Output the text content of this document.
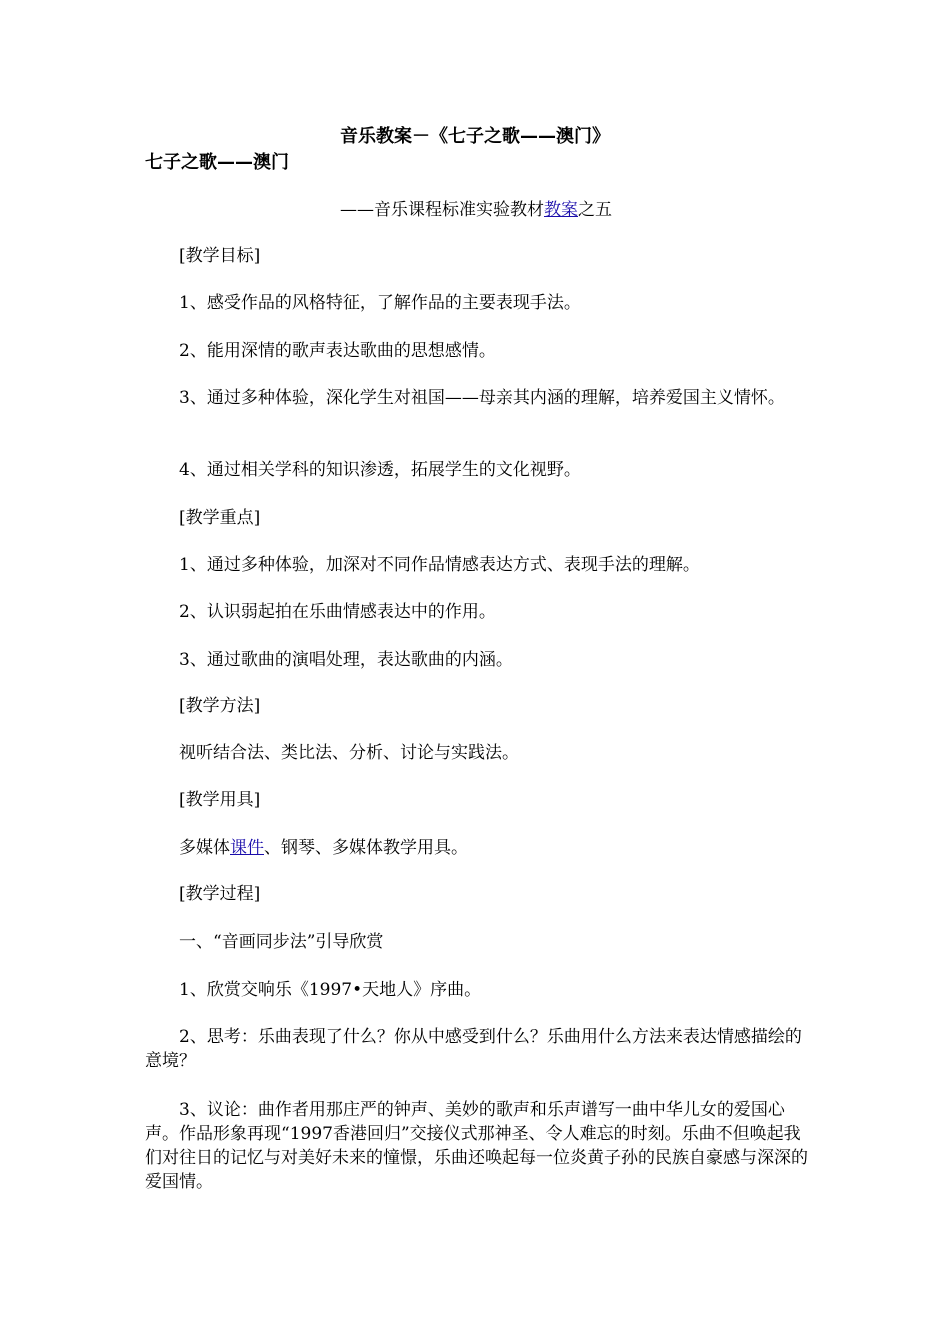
音乐教案－《七子之歌——澳门》
七子之歌——澳门
——音乐课程标准实验教材教案之五
[教学目标]
1、感受作品的风格特征，了解作品的主要表现手法。
2、能用深情的歌声表达歌曲的思想感情。
3、通过多种体验，深化学生对祖国——母亲其内涵的理解，培养爱国主义情怀。
4、通过相关学科的知识渗透，拓展学生的文化视野。
[教学重点]
1、通过多种体验，加深对不同作品情感表达方式、表现手法的理解。
2、认识弱起拍在乐曲情感表达中的作用。
3、通过歌曲的演唱处理，表达歌曲的内涵。
[教学方法]
视听结合法、类比法、分析、讨论与实践法。
[教学用具]
多媒体课件、钢琴、多媒体教学用具。
[教学过程]
一、“音画同步法”引导欣赏
1、欣赏交响乐《1997•天地人》序曲。
2、思考：乐曲表现了什么？你从中感受到什么？乐曲用什么方法来表达情感描绘的意境？
3、议论：曲作者用那庄严的钟声、美妙的歌声和乐声谱写一曲中华儿女的爱国心声。作品形象再现“1997香港回归”交接仪式那神圣、令人难忘的时刻。乐曲不但唤起我们对往日的记忆与对美好未来的憧憬，乐曲还唤起每一位炎黄子孙的民族自豪感与深深的爱国情。
